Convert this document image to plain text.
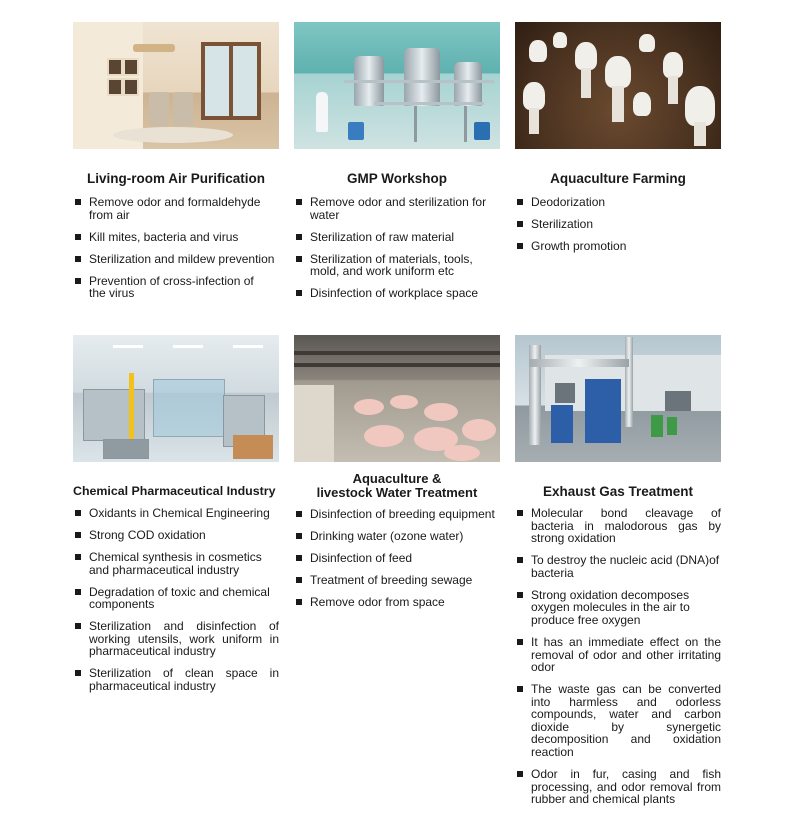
Living-room Air Purification

Remove odor and formaldehyde from air
Kill mites, bacteria and virus
Sterilization and mildew prevention
Prevention of cross-infection of the virus

GMP Workshop

Remove odor and sterilization for water
Sterilization of raw material
Sterilization of materials, tools, mold, and work uniform etc
Disinfection of workplace space

Aquaculture Farming

Deodorization
Sterilization
Growth promotion

Chemical Pharmaceutical Industry

Oxidants in Chemical Engineering
Strong COD oxidation
Chemical synthesis in cosmetics and pharmaceutical industry
Degradation of toxic and chemical components
Sterilization and disinfection of working utensils, work uniform in pharmaceutical industry
Sterilization of clean space in pharmaceutical industry

Aquaculture &

livestock Water Treatment

Disinfection of breeding equipment
Drinking water (ozone water)
Disinfection of feed
Treatment of breeding sewage
Remove odor from space

Exhaust Gas Treatment

Molecular bond cleavage of bacteria in malodorous gas by strong oxidation
To destroy the nucleic acid (DNA)of bacteria
Strong oxidation decomposes oxygen molecules in the air to produce free oxygen
It has an immediate effect on the removal of odor and other irritating odor
The waste gas can be converted into harmless and odorless compounds, water and carbon dioxide by synergetic decomposition and oxidation reaction
Odor in fur, casing and fish processing, and odor removal from rubber and chemical plants
